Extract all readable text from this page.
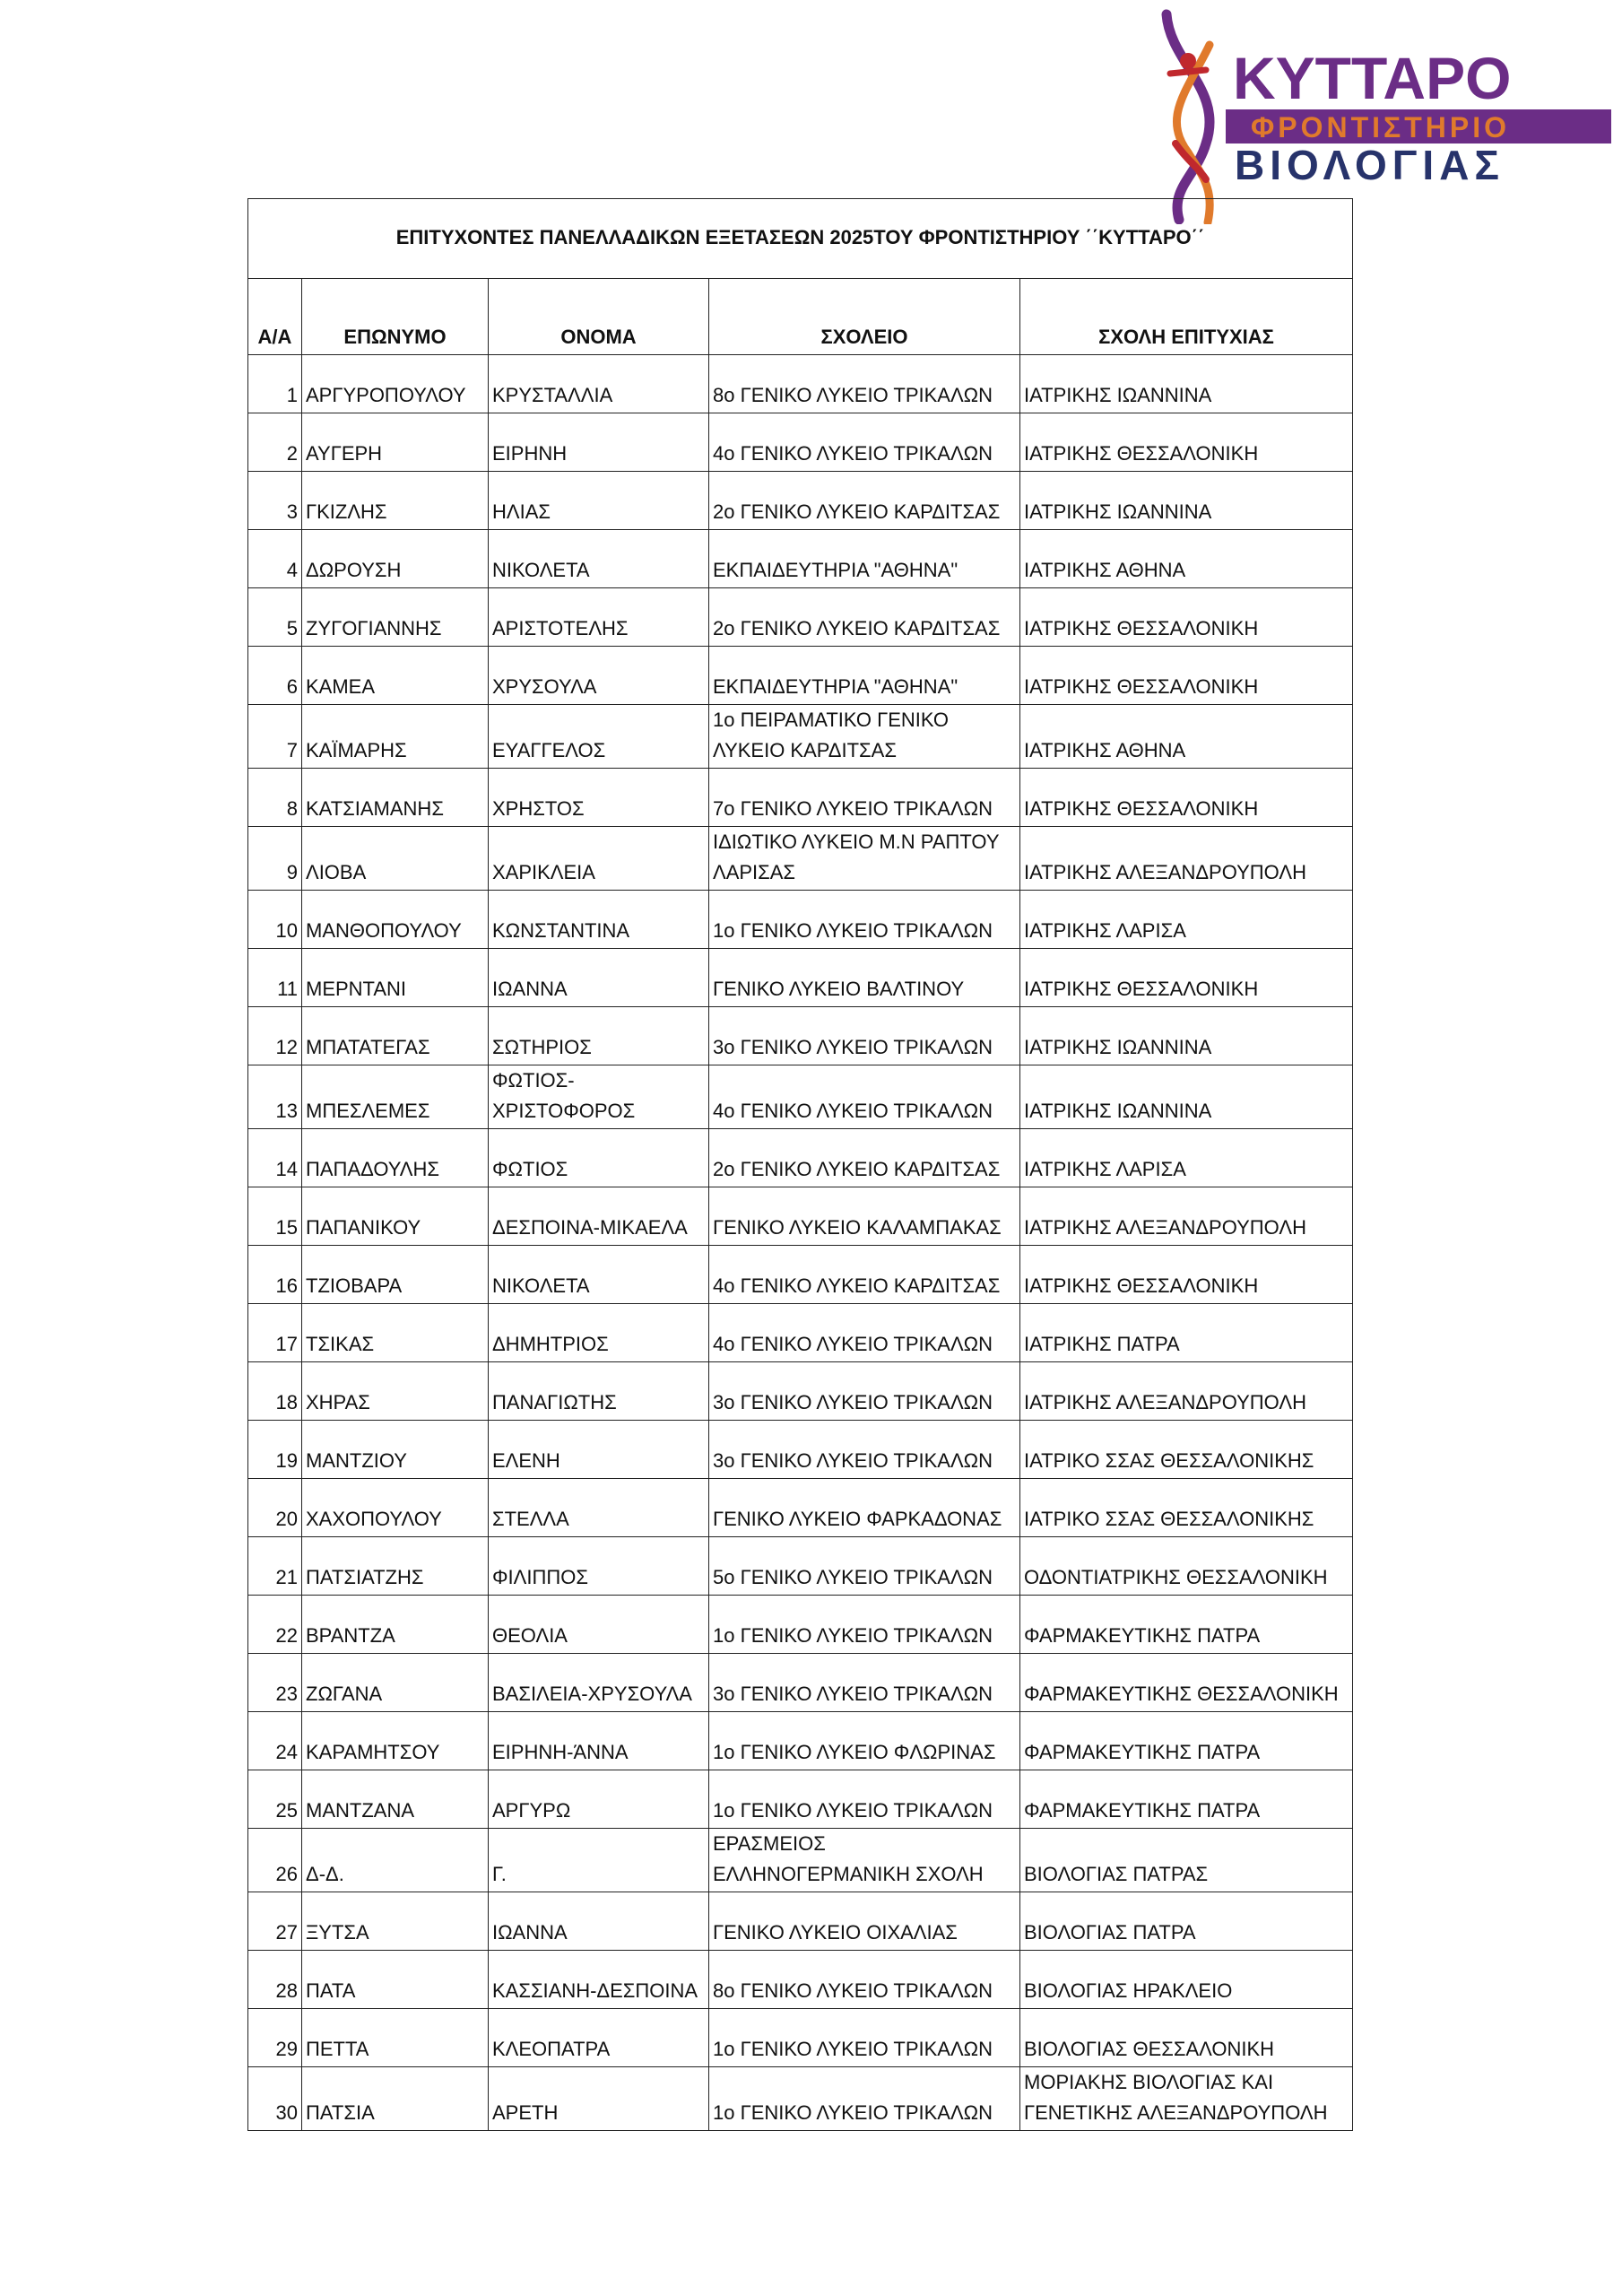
ΚΥΤΤΑΡΟ
ΦΡΟΝΤΙΣΤΗΡΙΟ
ΒΙΟΛΟΓΙΑΣ
ΕΠΙΤΥΧΟΝΤΕΣ ΠΑΝΕΛΛΑΔΙΚΩΝ ΕΞΕΤΑΣΕΩΝ 2025ΤΟΥ ΦΡΟΝΤΙΣΤΗΡΙΟΥ ΄΄ΚΥΤΤΑΡΟ΄΄				
Α/Α	ΕΠΩΝΥΜΟ	ΟΝΟΜΑ	ΣΧΟΛΕΙΟ	ΣΧΟΛΗ ΕΠΙΤΥΧΙΑΣ
1	ΑΡΓΥΡΟΠΟΥΛΟΥ	ΚΡΥΣΤΑΛΛΙΑ	8ο ΓΕΝΙΚΟ ΛΥΚΕΙΟ ΤΡΙΚΑΛΩΝ	ΙΑΤΡΙΚΗΣ ΙΩΑΝΝΙΝΑ
2	ΑΥΓΕΡΗ	ΕΙΡΗΝΗ	4ο ΓΕΝΙΚΟ ΛΥΚΕΙΟ ΤΡΙΚΑΛΩΝ	ΙΑΤΡΙΚΗΣ ΘΕΣΣΑΛΟΝΙΚΗ
3	ΓΚΙΖΛΗΣ	ΗΛΙΑΣ	2ο ΓΕΝΙΚΟ ΛΥΚΕΙΟ ΚΑΡΔΙΤΣΑΣ	ΙΑΤΡΙΚΗΣ ΙΩΑΝΝΙΝΑ
4	ΔΩΡΟΥΣΗ	ΝΙΚΟΛΕΤΑ	ΕΚΠΑΙΔΕΥΤΗΡΙΑ "ΑΘΗΝΑ"	ΙΑΤΡΙΚΗΣ ΑΘΗΝΑ
5	ΖΥΓΟΓΙΑΝΝΗΣ	ΑΡΙΣΤΟΤΕΛΗΣ	2ο ΓΕΝΙΚΟ ΛΥΚΕΙΟ ΚΑΡΔΙΤΣΑΣ	ΙΑΤΡΙΚΗΣ ΘΕΣΣΑΛΟΝΙΚΗ
6	ΚΑΜΕΑ	ΧΡΥΣΟΥΛΑ	ΕΚΠΑΙΔΕΥΤΗΡΙΑ "ΑΘΗΝΑ"	ΙΑΤΡΙΚΗΣ ΘΕΣΣΑΛΟΝΙΚΗ
7	ΚΑΪΜΑΡΗΣ	ΕΥΑΓΓΕΛΟΣ	1ο ΠΕΙΡΑΜΑΤΙΚΟ ΓΕΝΙΚΟ ΛΥΚΕΙΟ ΚΑΡΔΙΤΣΑΣ	ΙΑΤΡΙΚΗΣ ΑΘΗΝΑ
8	ΚΑΤΣΙΑΜΑΝΗΣ	ΧΡΗΣΤΟΣ	7ο ΓΕΝΙΚΟ ΛΥΚΕΙΟ ΤΡΙΚΑΛΩΝ	ΙΑΤΡΙΚΗΣ ΘΕΣΣΑΛΟΝΙΚΗ
9	ΛΙΟΒΑ	ΧΑΡΙΚΛΕΙΑ	ΙΔΙΩΤΙΚΟ ΛΥΚΕΙΟ Μ.Ν ΡΑΠΤΟΥ ΛΑΡΙΣΑΣ	ΙΑΤΡΙΚΗΣ ΑΛΕΞΑΝΔΡΟΥΠΟΛΗ
10	ΜΑΝΘΟΠΟΥΛΟΥ	ΚΩΝΣΤΑΝΤΙΝΑ	1ο ΓΕΝΙΚΟ ΛΥΚΕΙΟ ΤΡΙΚΑΛΩΝ	ΙΑΤΡΙΚΗΣ ΛΑΡΙΣΑ
11	ΜΕΡΝΤΑΝΙ	ΙΩΑΝΝΑ	ΓΕΝΙΚΟ ΛΥΚΕΙΟ ΒΑΛΤΙΝΟΥ	ΙΑΤΡΙΚΗΣ ΘΕΣΣΑΛΟΝΙΚΗ
12	ΜΠΑΤΑΤΕΓΑΣ	ΣΩΤΗΡΙΟΣ	3ο ΓΕΝΙΚΟ ΛΥΚΕΙΟ ΤΡΙΚΑΛΩΝ	ΙΑΤΡΙΚΗΣ ΙΩΑΝΝΙΝΑ
13	ΜΠΕΣΛΕΜΕΣ	ΦΩΤΙΟΣ-ΧΡΙΣΤΟΦΟΡΟΣ	4ο ΓΕΝΙΚΟ ΛΥΚΕΙΟ ΤΡΙΚΑΛΩΝ	ΙΑΤΡΙΚΗΣ ΙΩΑΝΝΙΝΑ
14	ΠΑΠΑΔΟΥΛΗΣ	ΦΩΤΙΟΣ	2ο ΓΕΝΙΚΟ ΛΥΚΕΙΟ ΚΑΡΔΙΤΣΑΣ	ΙΑΤΡΙΚΗΣ ΛΑΡΙΣΑ
15	ΠΑΠΑΝΙΚΟΥ	ΔΕΣΠΟΙΝΑ-ΜΙΚΑΕΛΑ	ΓΕΝΙΚΟ ΛΥΚΕΙΟ ΚΑΛΑΜΠΑΚΑΣ	ΙΑΤΡΙΚΗΣ ΑΛΕΞΑΝΔΡΟΥΠΟΛΗ
16	ΤΖΙΟΒΑΡΑ	ΝΙΚΟΛΕΤΑ	4ο ΓΕΝΙΚΟ ΛΥΚΕΙΟ ΚΑΡΔΙΤΣΑΣ	ΙΑΤΡΙΚΗΣ ΘΕΣΣΑΛΟΝΙΚΗ
17	ΤΣΙΚΑΣ	ΔΗΜΗΤΡΙΟΣ	4ο ΓΕΝΙΚΟ ΛΥΚΕΙΟ ΤΡΙΚΑΛΩΝ	ΙΑΤΡΙΚΗΣ ΠΑΤΡΑ
18	ΧΗΡΑΣ	ΠΑΝΑΓΙΩΤΗΣ	3ο ΓΕΝΙΚΟ ΛΥΚΕΙΟ ΤΡΙΚΑΛΩΝ	ΙΑΤΡΙΚΗΣ ΑΛΕΞΑΝΔΡΟΥΠΟΛΗ
19	ΜΑΝΤΖΙΟΥ	ΕΛΕΝΗ	3ο ΓΕΝΙΚΟ ΛΥΚΕΙΟ ΤΡΙΚΑΛΩΝ	ΙΑΤΡΙΚΟ ΣΣΑΣ ΘΕΣΣΑΛΟΝΙΚΗΣ
20	ΧΑΧΟΠΟΥΛΟΥ	ΣΤΕΛΛΑ	ΓΕΝΙΚΟ ΛΥΚΕΙΟ ΦΑΡΚΑΔΟΝΑΣ	ΙΑΤΡΙΚΟ ΣΣΑΣ ΘΕΣΣΑΛΟΝΙΚΗΣ
21	ΠΑΤΣΙΑΤΖΗΣ	ΦΙΛΙΠΠΟΣ	5ο ΓΕΝΙΚΟ ΛΥΚΕΙΟ ΤΡΙΚΑΛΩΝ	ΟΔΟΝΤΙΑΤΡΙΚΗΣ ΘΕΣΣΑΛΟΝΙΚΗ
22	ΒΡΑΝΤΖΑ	ΘΕΟΛΙΑ	1ο ΓΕΝΙΚΟ ΛΥΚΕΙΟ ΤΡΙΚΑΛΩΝ	ΦΑΡΜΑΚΕΥΤΙΚΗΣ ΠΑΤΡΑ
23	ΖΩΓΑΝΑ	ΒΑΣΙΛΕΙΑ-ΧΡΥΣΟΥΛΑ	3ο ΓΕΝΙΚΟ ΛΥΚΕΙΟ ΤΡΙΚΑΛΩΝ	ΦΑΡΜΑΚΕΥΤΙΚΗΣ ΘΕΣΣΑΛΟΝΙΚΗ
24	ΚΑΡΑΜΗΤΣΟΥ	ΕΙΡΗΝΗ-ΆΝΝΑ	1ο ΓΕΝΙΚΟ ΛΥΚΕΙΟ ΦΛΩΡΙΝΑΣ	ΦΑΡΜΑΚΕΥΤΙΚΗΣ ΠΑΤΡΑ
25	ΜΑΝΤΖΑΝΑ	ΑΡΓΥΡΩ	1ο ΓΕΝΙΚΟ ΛΥΚΕΙΟ ΤΡΙΚΑΛΩΝ	ΦΑΡΜΑΚΕΥΤΙΚΗΣ ΠΑΤΡΑ
26	Δ-Δ.	Γ.	ΕΡΑΣΜΕΙΟΣ ΕΛΛΗΝΟΓΕΡΜΑΝΙΚΗ ΣΧΟΛΗ	ΒΙΟΛΟΓΙΑΣ ΠΑΤΡΑΣ
27	ΞΥΤΣΑ	ΙΩΑΝΝΑ	ΓΕΝΙΚΟ ΛΥΚΕΙΟ ΟΙΧΑΛΙΑΣ	ΒΙΟΛΟΓΙΑΣ ΠΑΤΡΑ
28	ΠΑΤΑ	ΚΑΣΣΙΑΝΗ-ΔΕΣΠΟΙΝΑ	8ο ΓΕΝΙΚΟ ΛΥΚΕΙΟ ΤΡΙΚΑΛΩΝ	ΒΙΟΛΟΓΙΑΣ ΗΡΑΚΛΕΙΟ
29	ΠΕΤΤΑ	ΚΛΕΟΠΑΤΡΑ	1ο ΓΕΝΙΚΟ ΛΥΚΕΙΟ ΤΡΙΚΑΛΩΝ	ΒΙΟΛΟΓΙΑΣ ΘΕΣΣΑΛΟΝΙΚΗ
30	ΠΑΤΣΙΑ	ΑΡΕΤΗ	1ο ΓΕΝΙΚΟ ΛΥΚΕΙΟ ΤΡΙΚΑΛΩΝ	ΜΟΡΙΑΚΗΣ ΒΙΟΛΟΓΙΑΣ ΚΑΙ ΓΕΝΕΤΙΚΗΣ ΑΛΕΞΑΝΔΡΟΥΠΟΛΗ
